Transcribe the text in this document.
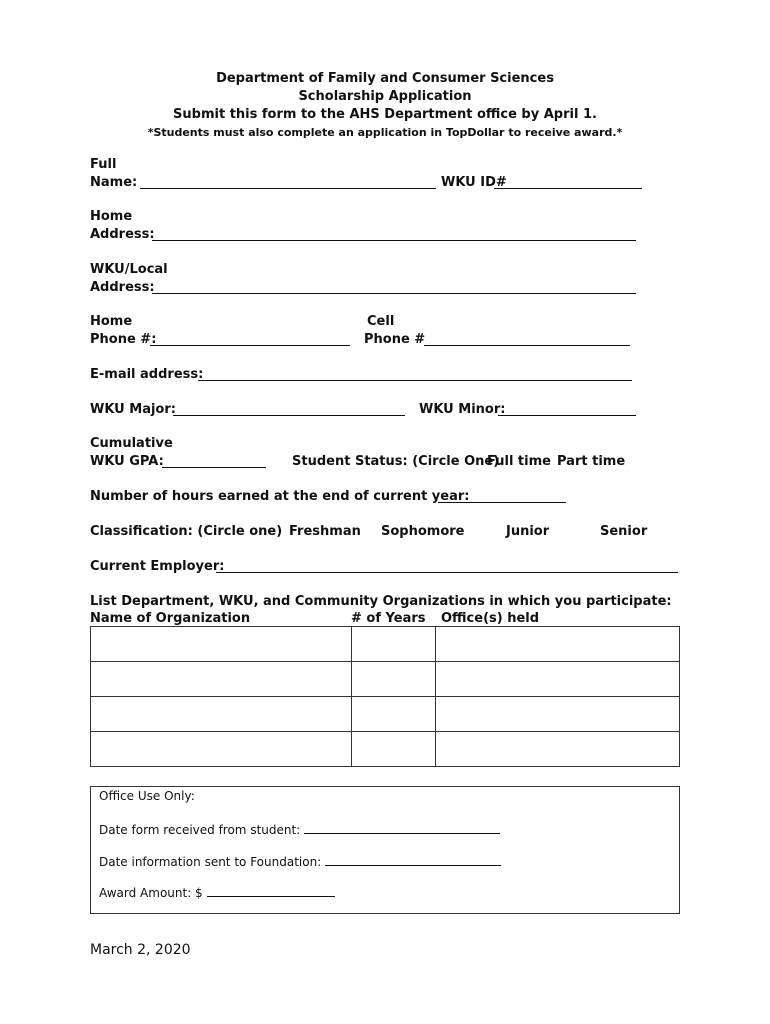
Department of Family and Consumer Sciences
Scholarship Application
Submit this form to the AHS Department office by April 1.
*Students must also complete an application in TopDollar to receive award.*
Full
Name:	WKU ID#
Home
Address:
WKU/Local
Address:
Home
Phone #:
Cell
Phone #
E-mail address:
WKU Major:	WKU Minor:
Cumulative
WKU GPA:	Student Status: (Circle One)
Full time Part time
Number of hours earned at the end of current year:
Classification: (Circle one) Freshman Sophomore	Junior	Senior
Current Employer:
List Department, WKU, and Community Organizations in which you participate:
Name of Organization	# of Years Office(s) held

Office Use Only:
Date form received from student:
Date information sent to Foundation:
Award Amount: $
March 2, 2020
